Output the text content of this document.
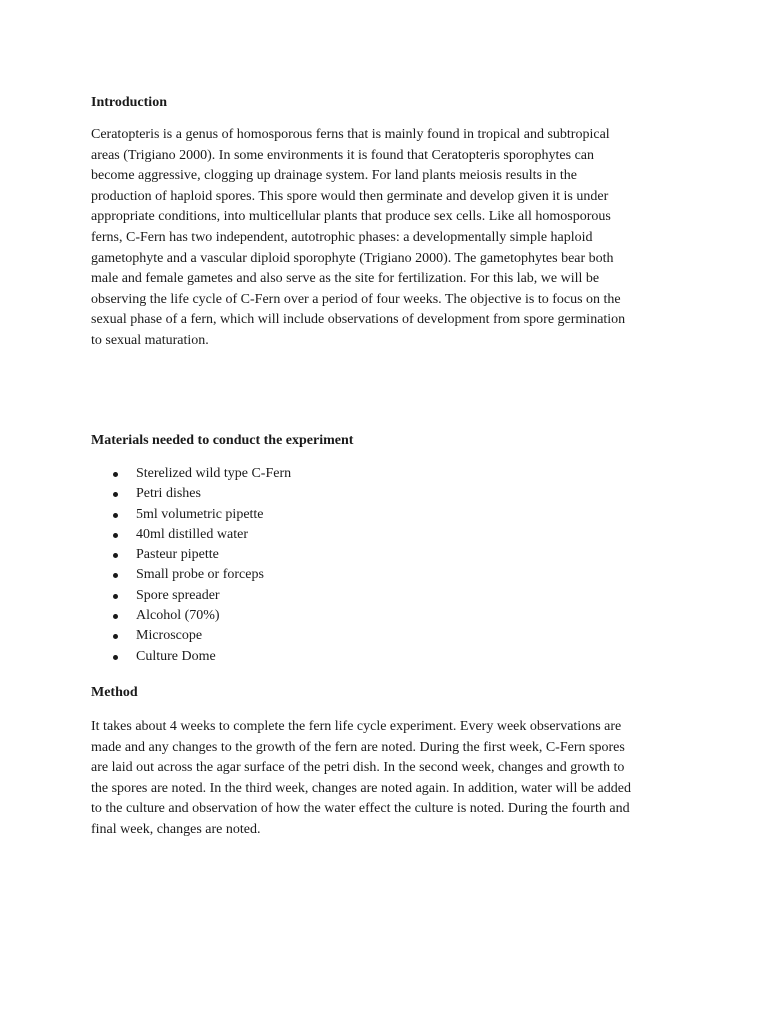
Introduction

Ceratopteris is a genus of homosporous ferns that is mainly found in tropical and subtropical
areas (Trigiano 2000). In some environments it is found that Ceratopteris sporophytes can
become aggressive, clogging up drainage system. For land plants meiosis results in the
production of haploid spores. This spore would then germinate and develop given it is under
appropriate conditions, into multicellular plants that produce sex cells. Like all homosporous
ferns, C-Fern has two independent, autotrophic phases: a developmentally simple haploid
gametophyte and a vascular diploid sporophyte (Trigiano 2000). The gametophytes bear both
male and female gametes and also serve as the site for fertilization. For this lab, we will be
observing the life cycle of C-Fern over a period of four weeks. The objective is to focus on the
sexual phase of a fern, which will include observations of development from spore germination
to sexual maturation.

Materials needed to conduct the experiment
Sterelized wild type C-Fern
Petri dishes
5ml volumetric pipette
40ml distilled water
Pasteur pipette
Small probe or forceps
Spore spreader
Alcohol (70%)
Microscope
Culture Dome
Method

It takes about 4 weeks to complete the fern life cycle experiment. Every week observations are
made and any changes to the growth of the fern are noted. During the first week, C-Fern spores
are laid out across the agar surface of the petri dish. In the second week, changes and growth to
the spores are noted. In the third week, changes are noted again. In addition, water will be added
to the culture and observation of how the water effect the culture is noted. During the fourth and
final week, changes are noted.
